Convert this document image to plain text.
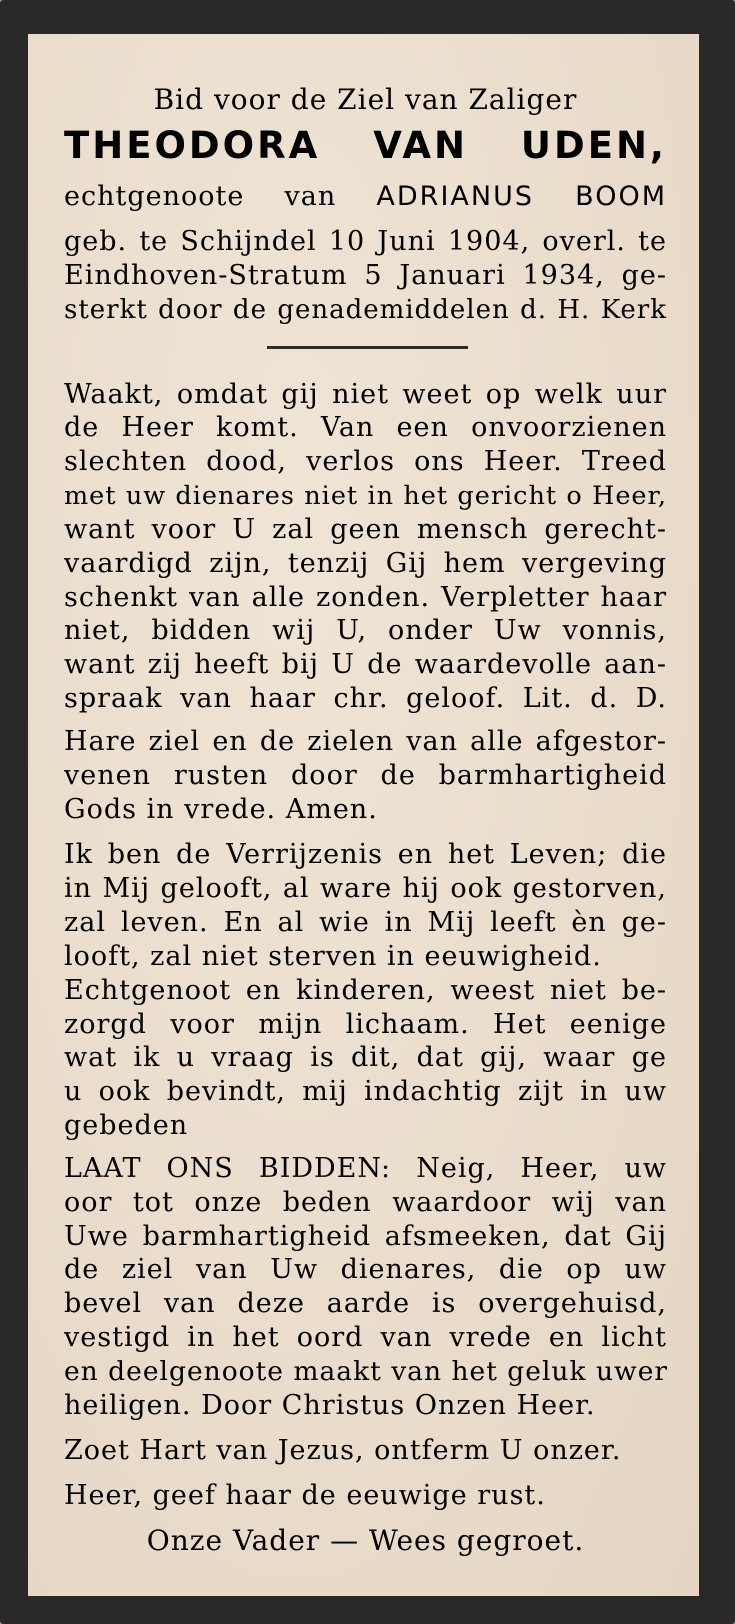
Bid voor de Ziel van Zaliger
THEODORA VAN UDEN,
echtgenoote van ADRIANUS BOOM
geb. te Schijndel 10 Juni 1904, overl. te
Eindhoven-Stratum 5 Januari 1934, ge-
sterkt door de genademiddelen d. H. Kerk
Waakt, omdat gij niet weet op welk uur
de Heer komt. Van een onvoorzienen
slechten dood, verlos ons Heer. Treed
met uw dienares niet in het gericht o Heer,
want voor U zal geen mensch gerecht-
vaardigd zijn, tenzij Gij hem vergeving
schenkt van alle zonden. Verpletter haar
niet, bidden wij U, onder Uw vonnis,
want zij heeft bij U de waardevolle aan-
spraak van haar chr. geloof. Lit. d. D.
Hare ziel en de zielen van alle afgestor-
venen rusten door de barmhartigheid
Gods in vrede. Amen.
Ik ben de Verrijzenis en het Leven; die
in Mij gelooft, al ware hij ook gestorven,
zal leven. En al wie in Mij leeft èn ge-
looft, zal niet sterven in eeuwigheid.
Echtgenoot en kinderen, weest niet be-
zorgd voor mijn lichaam. Het eenige
wat ik u vraag is dit, dat gij, waar ge
u ook bevindt, mij indachtig zijt in uw
gebeden
LAAT ONS BIDDEN: Neig, Heer, uw
oor tot onze beden waardoor wij van
Uwe barmhartigheid afsmeeken, dat Gij
de ziel van Uw dienares, die op uw
bevel van deze aarde is overgehuisd,
vestigd in het oord van vrede en licht
en deelgenoote maakt van het geluk uwer
heiligen. Door Christus Onzen Heer.
Zoet Hart van Jezus, ontferm U onzer.
Heer, geef haar de eeuwige rust.
Onze Vader — Wees gegroet.
